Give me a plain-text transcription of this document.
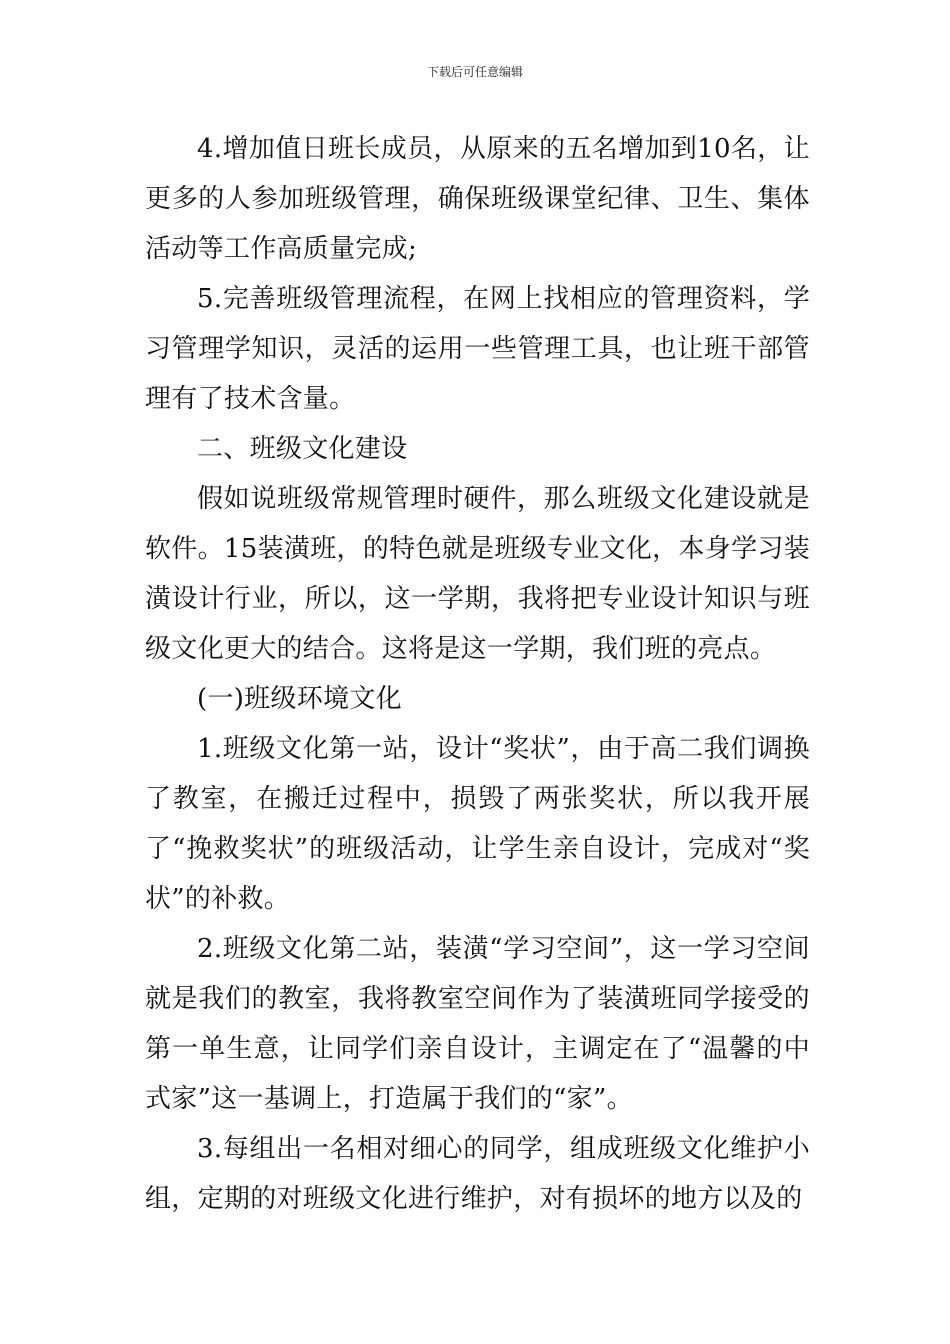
下载后可任意编辑

4.增加值日班长成员，从原来的五名增加到10名，让更多的人参加班级管理，确保班级课堂纪律、卫生、集体活动等工作高质量完成;

5.完善班级管理流程，在网上找相应的管理资料，学习管理学知识，灵活的运用一些管理工具，也让班干部管理有了技术含量。

二、班级文化建设

假如说班级常规管理时硬件，那么班级文化建设就是软件。15装潢班，的特色就是班级专业文化，本身学习装潢设计行业，所以，这一学期，我将把专业设计知识与班级文化更大的结合。这将是这一学期，我们班的亮点。

(一)班级环境文化

1.班级文化第一站，设计“奖状”，由于高二我们调换了教室，在搬迁过程中，损毁了两张奖状，所以我开展了“挽救奖状”的班级活动，让学生亲自设计，完成对“奖状”的补救。

2.班级文化第二站，装潢“学习空间”，这一学习空间就是我们的教室，我将教室空间作为了装潢班同学接受的第一单生意，让同学们亲自设计，主调定在了“温馨的中式家”这一基调上，打造属于我们的“家”。

3.每组出一名相对细心的同学，组成班级文化维护小组，定期的对班级文化进行维护，对有损坏的地方以及的
